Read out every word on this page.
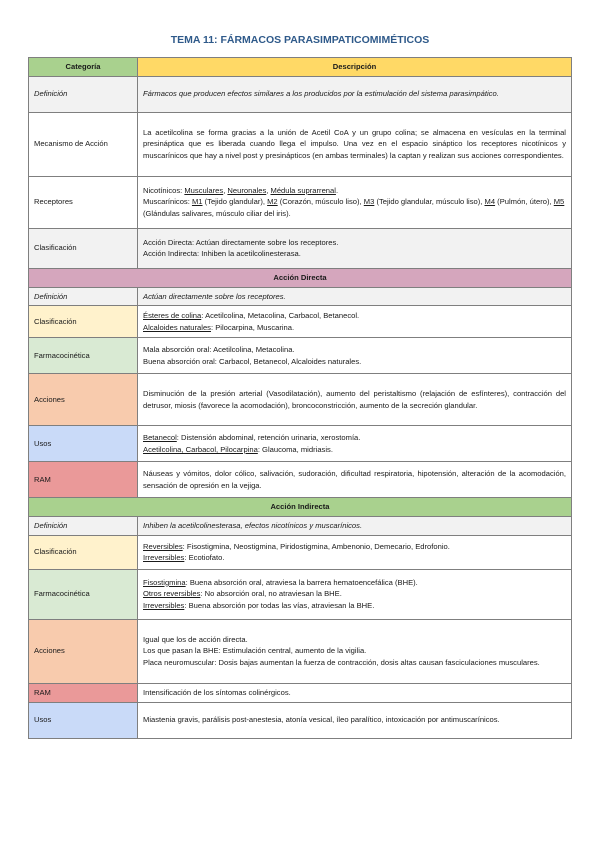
TEMA 11: FÁRMACOS PARASIMPATICOMIMÉTICOS
Categoría	Descripción
Definición	Fármacos que producen efectos similares a los producidos por la estimulación del sistema parasimpático.
Mecanismo de Acción	La acetilcolina se forma gracias a la unión de Acetil CoA y un grupo colina; se almacena en vesículas en la terminal presináptica que es liberada cuando llega el impulso. Una vez en el espacio sináptico los receptores nicotínicos y muscarínicos que hay a nivel post y presinápticos (en ambas terminales) la captan y realizan sus acciones correspondientes.
Receptores	Nicotínicos: Musculares, Neuronales, Médula suprarrenal.
Muscarínicos: M1 (Tejido glandular), M2 (Corazón, músculo liso), M3 (Tejido glandular, músculo liso), M4 (Pulmón, útero), M5 (Glándulas salivares, músculo ciliar del iris).

Clasificación	Acción Directa: Actúan directamente sobre los receptores.
Acción Indirecta: Inhiben la acetilcolinesterasa.

Acción Directa	
Definición	Actúan directamente sobre los receptores.
Clasificación	Ésteres de colina: Acetilcolina, Metacolina, Carbacol, Betanecol.
Alcaloides naturales: Pilocarpina, Muscarina.

Farmacocinética	Mala absorción oral: Acetilcolina, Metacolina.
Buena absorción oral: Carbacol, Betanecol, Alcaloides naturales.

Acciones	Disminución de la presión arterial (Vasodilatación), aumento del peristaltismo (relajación de esfínteres), contracción del detrusor, miosis (favorece la acomodación), broncoconstricción, aumento de la secreción glandular.
Usos	Betanecol: Distensión abdominal, retención urinaria, xerostomía.
Acetilcolina, Carbacol, Pilocarpina: Glaucoma, midriasis.

RAM	Náuseas y vómitos, dolor cólico, salivación, sudoración, dificultad respiratoria, hipotensión, alteración de la acomodación, sensación de opresión en la vejiga.
Acción Indirecta	
Definición	Inhiben la acetilcolinesterasa, efectos nicotínicos y muscarínicos.
Clasificación	Reversibles: Fisostigmina, Neostigmina, Piridostigmina, Ambenonio, Demecario, Edrofonio.
Irreversibles: Ecotiofato.

Farmacocinética	Fisostigmina: Buena absorción oral, atraviesa la barrera hematoencefálica (BHE).
Otros reversibles: No absorción oral, no atraviesan la BHE.
Irreversibles: Buena absorción por todas las vías, atraviesan la BHE.

Acciones	Igual que los de acción directa.
Los que pasan la BHE: Estimulación central, aumento de la vigilia.
Placa neuromuscular: Dosis bajas aumentan la fuerza de contracción, dosis altas causan fasciculaciones musculares.

RAM	Intensificación de los síntomas colinérgicos.
Usos	Miastenia gravis, parálisis post-anestesia, atonía vesical, íleo paralítico, intoxicación por antimuscarínicos.
